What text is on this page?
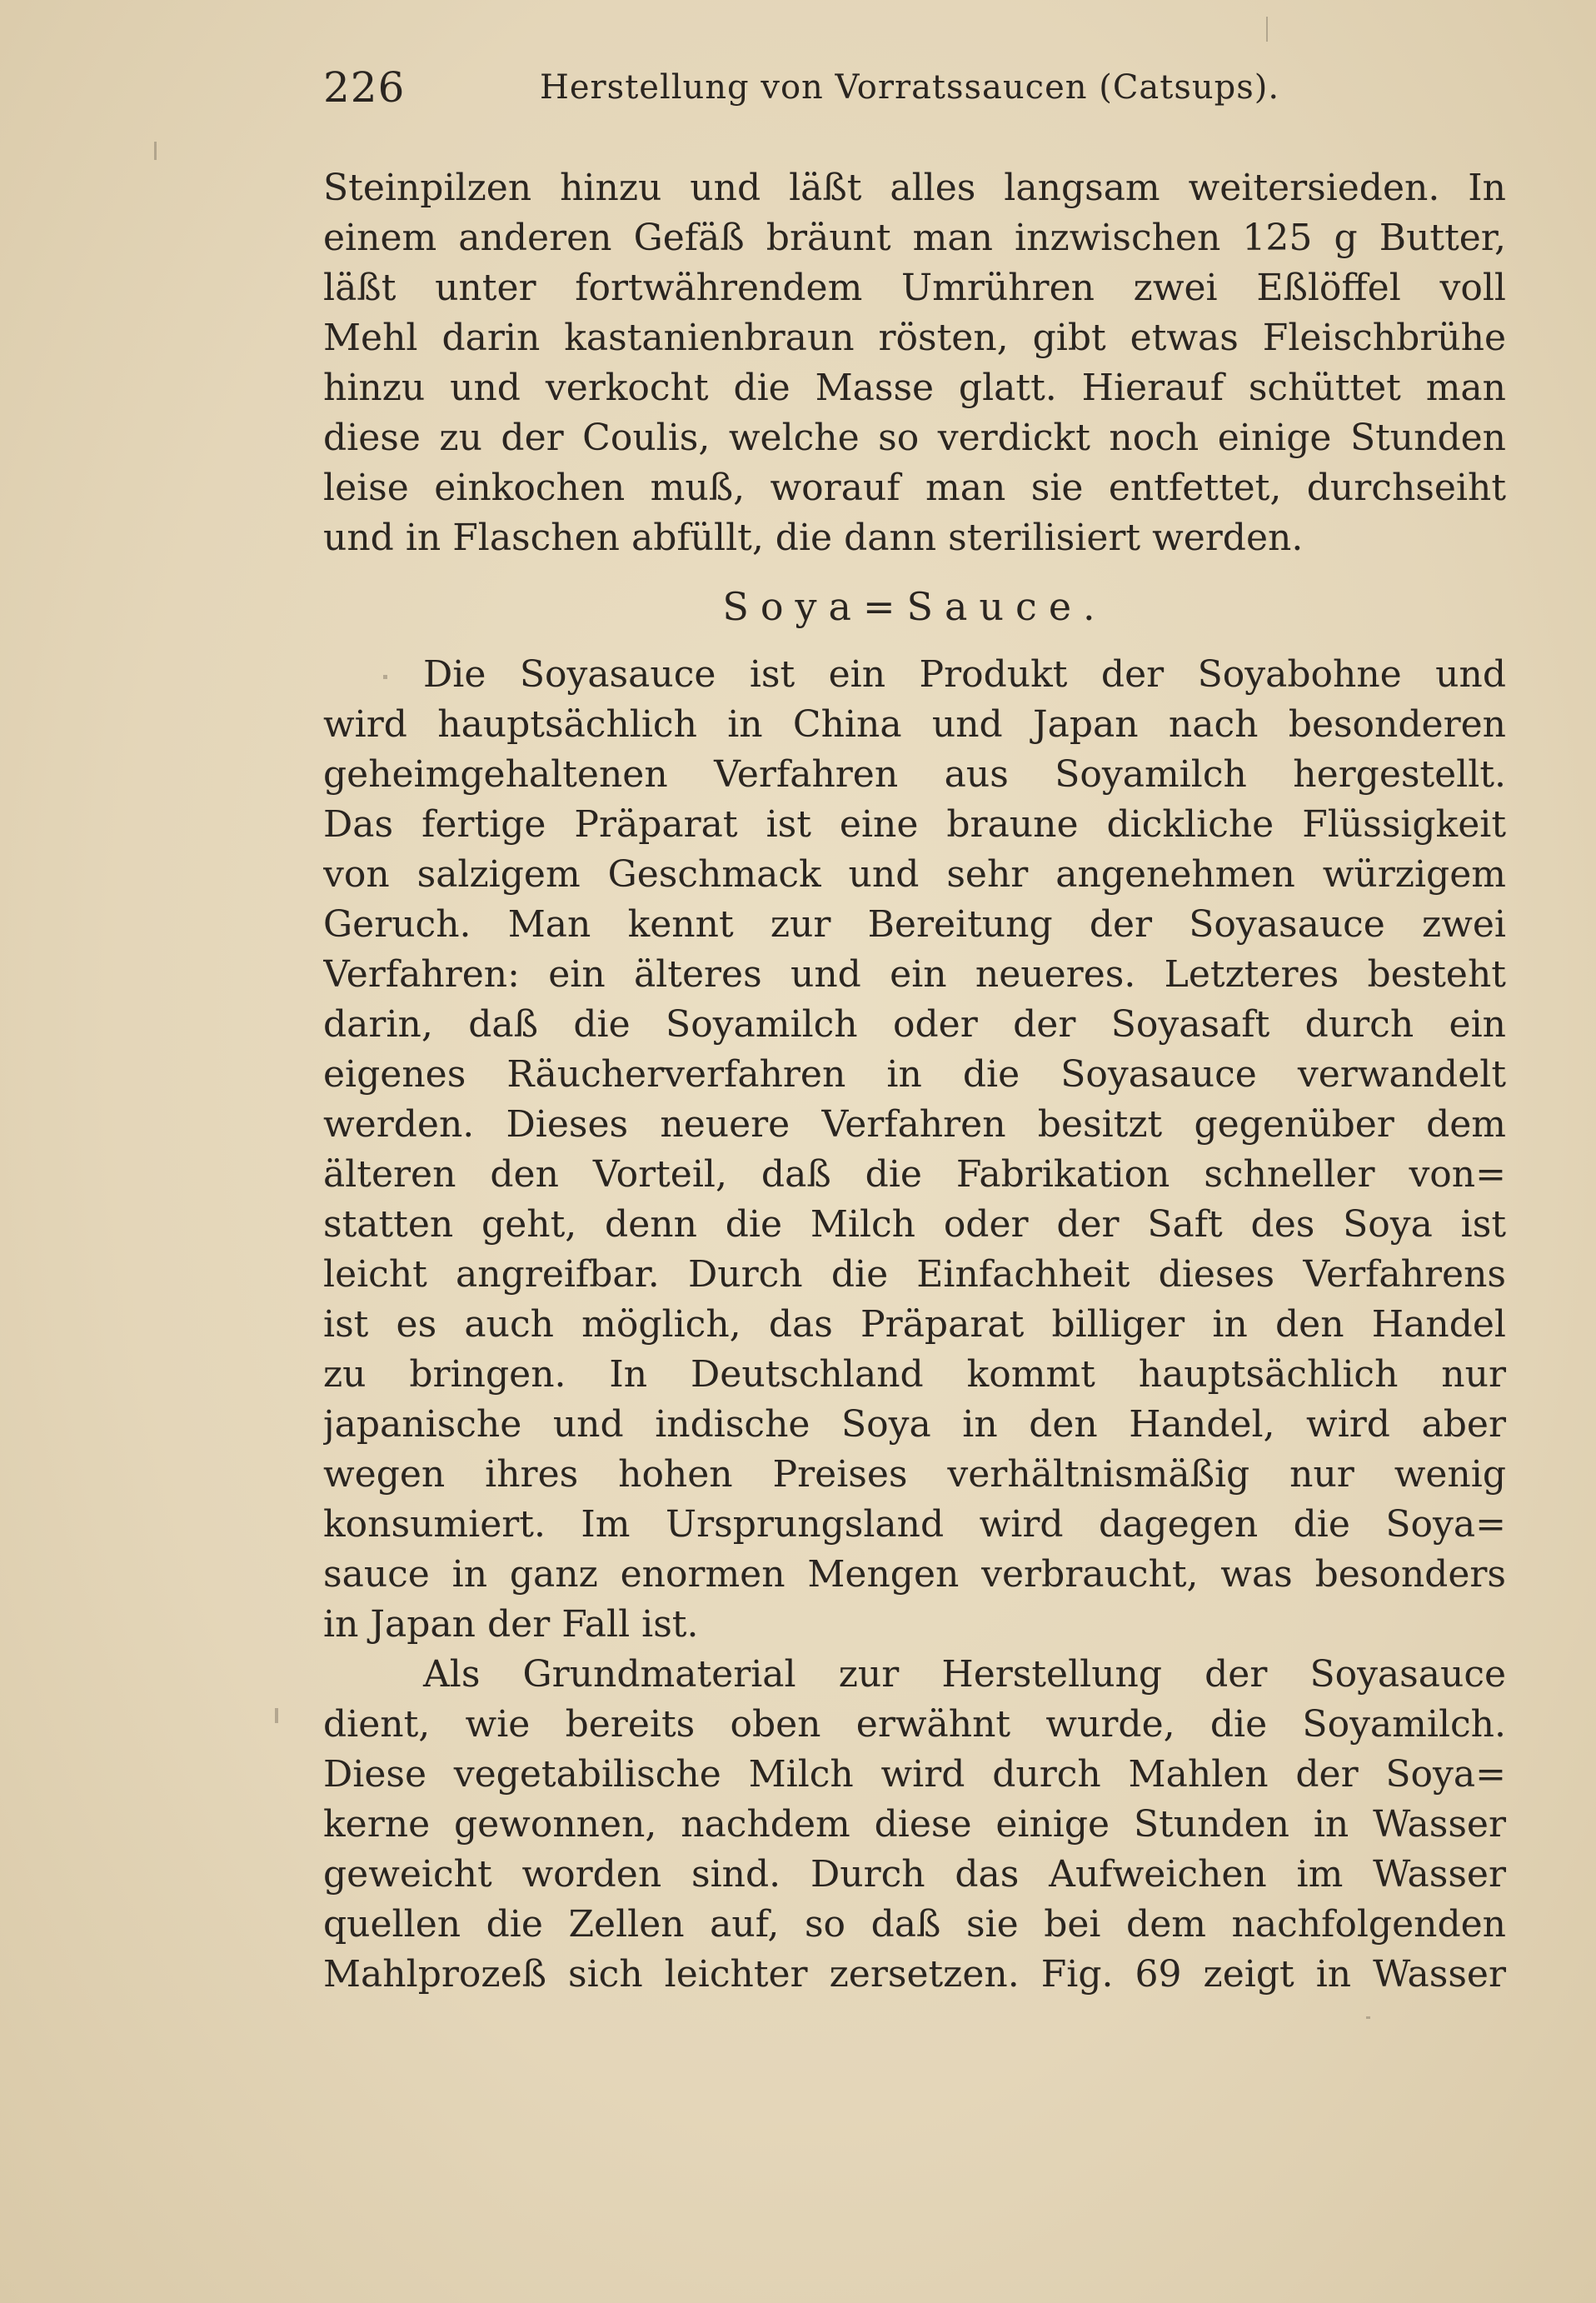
226	Herstellung von Vorratssaucen (Catsups).
Steinpilzen hinzu und läßt alles langsam weitersieden. In
einem anderen Gefäß bräunt man inzwischen 125 g Butter,
läßt unter fortwährendem Umrühren zwei Eßlöffel voll
Mehl darin kastanienbraun rösten, gibt etwas Fleischbrühe
hinzu und verkocht die Masse glatt. Hierauf schüttet man
diese zu der Coulis, welche so verdickt noch einige Stunden
leise einkochen muß, worauf man sie entfettet, durchseiht
und in Flaschen abfüllt, die dann sterilisiert werden.
Soya=Sauce.
Die Soyasauce ist ein Produkt der Soyabohne und
wird hauptsächlich in China und Japan nach besonderen
geheimgehaltenen Verfahren aus Soyamilch hergestellt.
Das fertige Präparat ist eine braune dickliche Flüssigkeit
von salzigem Geschmack und sehr angenehmen würzigem
Geruch. Man kennt zur Bereitung der Soyasauce zwei
Verfahren: ein älteres und ein neueres. Letzteres besteht
darin, daß die Soyamilch oder der Soyasaft durch ein
eigenes Räucherverfahren in die Soyasauce verwandelt
werden. Dieses neuere Verfahren besitzt gegenüber dem
älteren den Vorteil, daß die Fabrikation schneller von=
statten geht, denn die Milch oder der Saft des Soya ist
leicht angreifbar. Durch die Einfachheit dieses Verfahrens
ist es auch möglich, das Präparat billiger in den Handel
zu bringen. In Deutschland kommt hauptsächlich nur
japanische und indische Soya in den Handel, wird aber
wegen ihres hohen Preises verhältnismäßig nur wenig
konsumiert. Im Ursprungsland wird dagegen die Soya=
sauce in ganz enormen Mengen verbraucht, was besonders
in Japan der Fall ist.
Als Grundmaterial zur Herstellung der Soyasauce
dient, wie bereits oben erwähnt wurde, die Soyamilch.
Diese vegetabilische Milch wird durch Mahlen der Soya=
kerne gewonnen, nachdem diese einige Stunden in Wasser
geweicht worden sind. Durch das Aufweichen im Wasser
quellen die Zellen auf, so daß sie bei dem nachfolgenden
Mahlprozeß sich leichter zersetzen. Fig. 69 zeigt in Wasser
